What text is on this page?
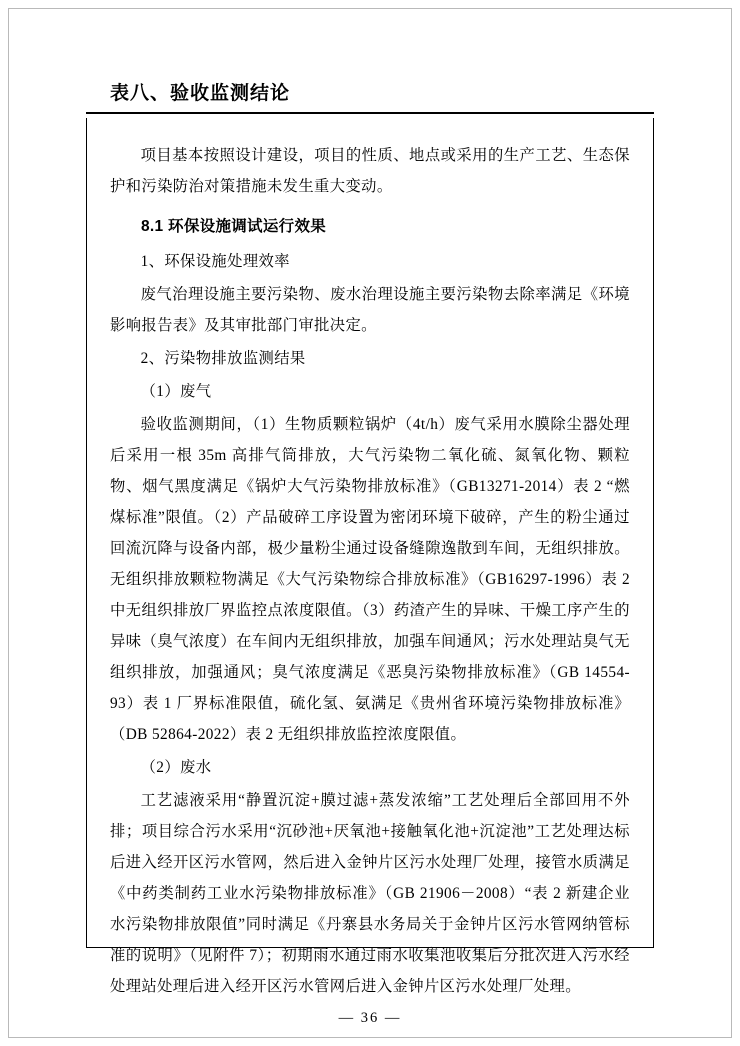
表八、验收监测结论

项目基本按照设计建设，项目的性质、地点或采用的生产工艺、生态保护和污染防治对策措施未发生重大变动。

8.1 环保设施调试运行效果

1、环保设施处理效率

废气治理设施主要污染物、废水治理设施主要污染物去除率满足《环境影响报告表》及其审批部门审批决定。

2、污染物排放监测结果

（1）废气

验收监测期间，（1）生物质颗粒锅炉（4t/h）废气采用水膜除尘器处理后采用一根 35m 高排气筒排放，大气污染物二氧化硫、氮氧化物、颗粒物、烟气黑度满足《锅炉大气污染物排放标准》（GB13271-2014）表 2 “燃煤标准”限值。（2）产品破碎工序设置为密闭环境下破碎，产生的粉尘通过回流沉降与设备内部，极少量粉尘通过设备缝隙逸散到车间，无组织排放。无组织排放颗粒物满足《大气污染物综合排放标准》（GB16297-1996）表 2 中无组织排放厂界监控点浓度限值。（3）药渣产生的异味、干燥工序产生的异味（臭气浓度）在车间内无组织排放，加强车间通风；污水处理站臭气无组织排放，加强通风；臭气浓度满足《恶臭污染物排放标准》（GB 14554-93）表 1 厂界标准限值，硫化氢、氨满足《贵州省环境污染物排放标准》（DB 52864-2022）表 2 无组织排放监控浓度限值。

（2）废水

工艺滤液采用“静置沉淀+膜过滤+蒸发浓缩”工艺处理后全部回用不外排；项目综合污水采用“沉砂池+厌氧池+接触氧化池+沉淀池”工艺处理达标后进入经开区污水管网，然后进入金钟片区污水处理厂处理，接管水质满足《中药类制药工业水污染物排放标准》（GB 21906－2008）“表 2 新建企业水污染物排放限值”同时满足《丹寨县水务局关于金钟片区污水管网纳管标准的说明》（见附件 7）；初期雨水通过雨水收集池收集后分批次进入污水经处理站处理后进入经开区污水管网后进入金钟片区污水处理厂处理。

— 36 —
